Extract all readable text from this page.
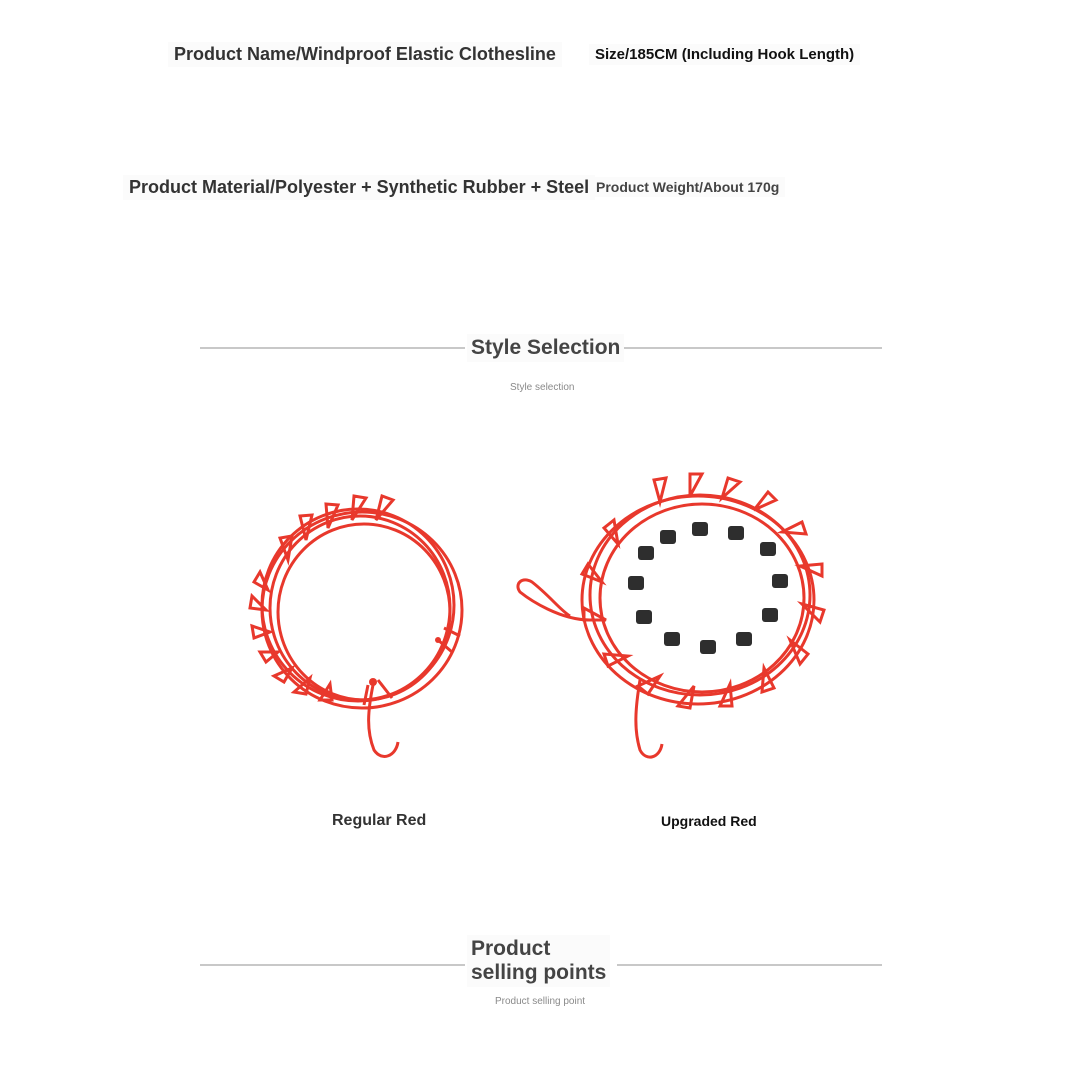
Product Name/Windproof Elastic Clothesline	Size/185CM (Including Hook Length)
Product Material/Polyester + Synthetic Rubber + Steel Product Weight/About 170g
Style Selection
Style selection
Regular Red	Upgraded Red
Product
selling points
Product selling point
